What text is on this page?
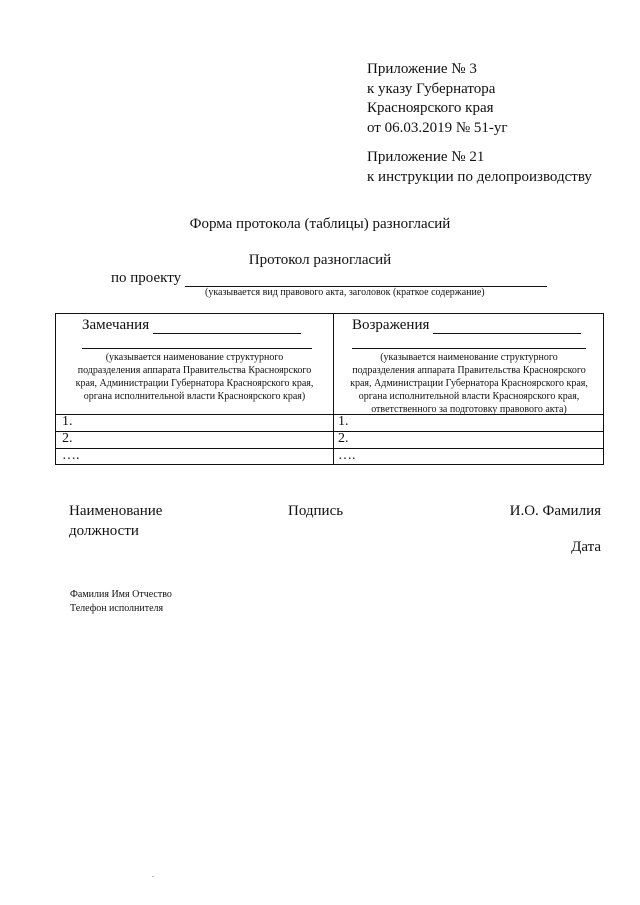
Приложение № 3
к указу Губернатора
Красноярского края
от 06.03.2019 № 51-уг
Приложение № 21
к инструкции по делопроизводству
Форма протокола (таблицы) разногласий
Протокол разногласий
по проекту
(указывается вид правового акта, заголовок (краткое содержание)
Замечания
(указывается наименование структурного
подразделения аппарата Правительства Красноярского
края, Администрации Губернатора Красноярского края,
органа исполнительной власти Красноярского края)
Возражения
(указывается наименование структурного
подразделения аппарата Правительства Красноярского
края, Администрации Губернатора Красноярского края,
органа исполнительной власти Красноярского края,
ответственного за подготовку правового акта)
1.
2.
….
1.
2.
….
Наименование
должности
Подпись	И.О. Фамилия
Дата
Фамилия Имя Отчество
Телефон исполнителя
